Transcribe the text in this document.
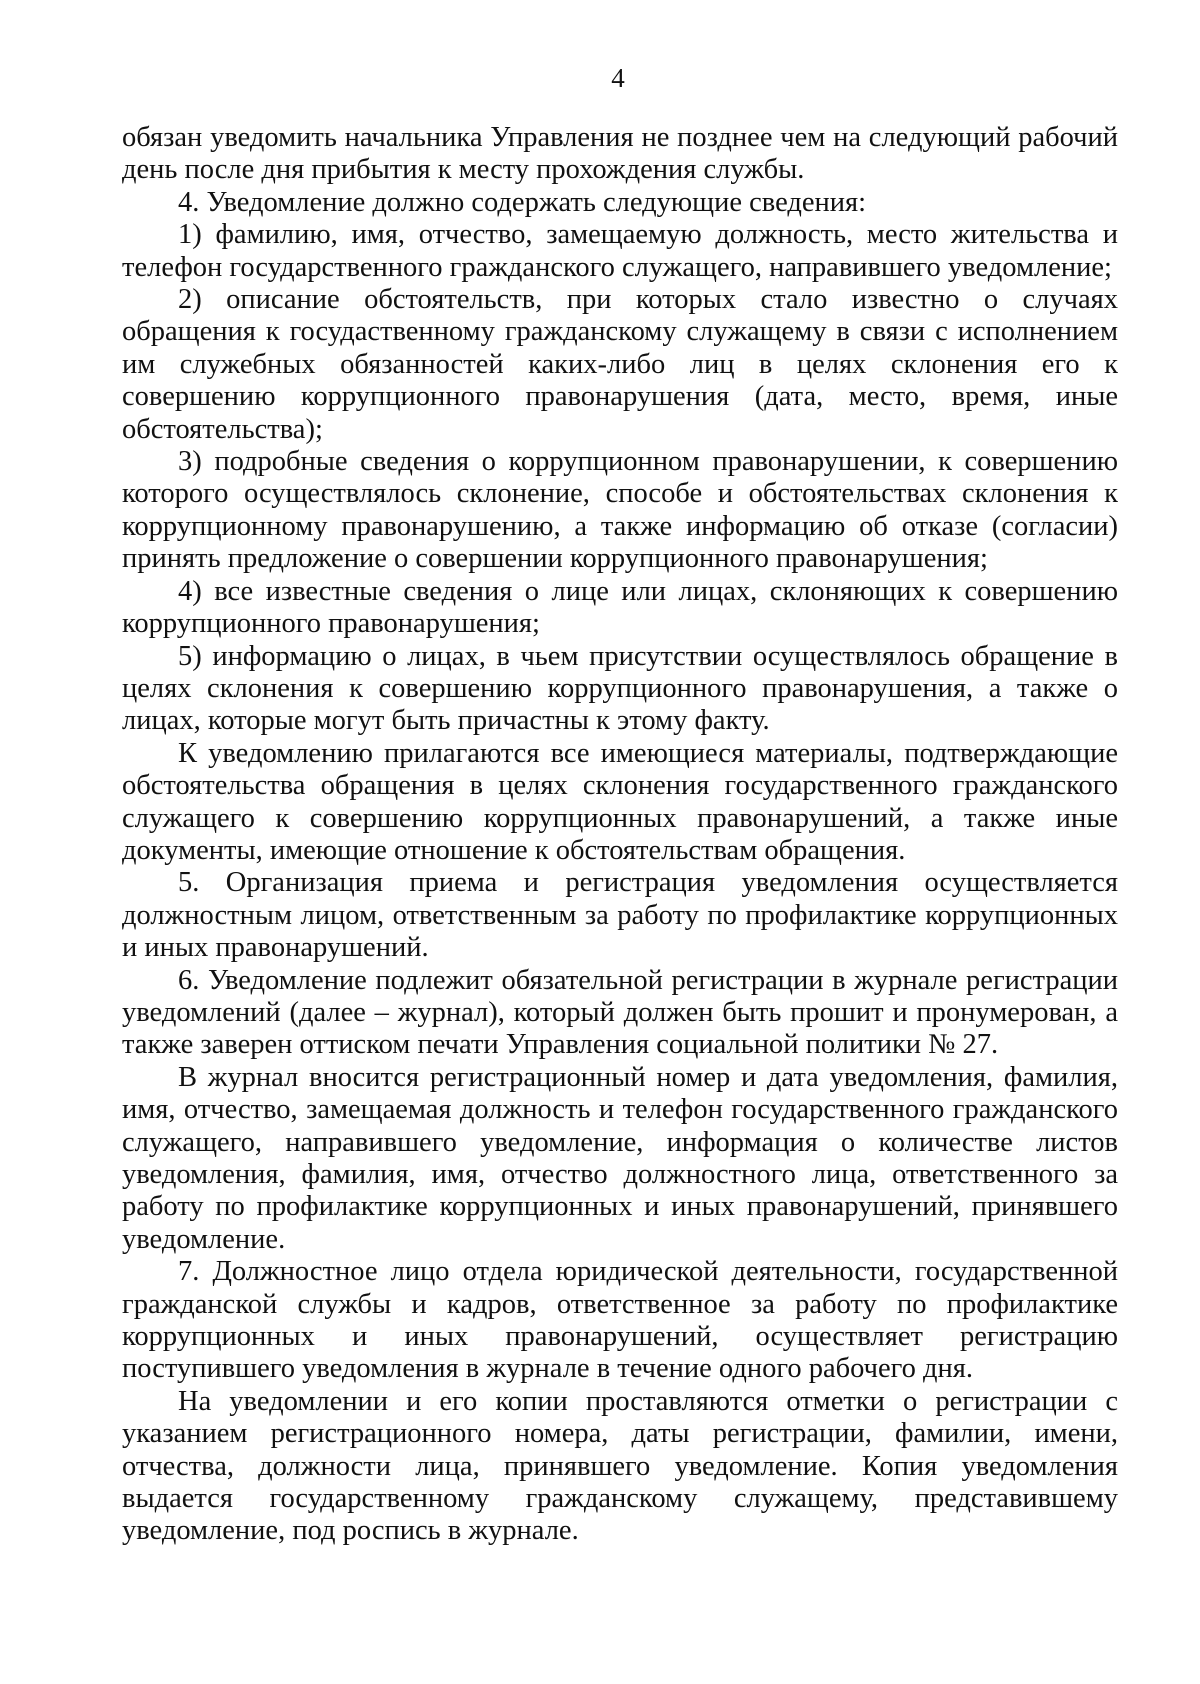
4

обязан уведомить начальника Управления не позднее чем на следующий рабочий день после дня прибытия к месту прохождения службы.

4. Уведомление должно содержать следующие сведения:

1) фамилию, имя, отчество, замещаемую должность, место жительства и телефон государственного гражданского служащего, направившего уведомление;

2) описание обстоятельств, при которых стало известно о случаях обращения к госудаственному гражданскому служащему в связи с исполнением им служебных обязанностей каких-либо лиц в целях склонения его к совершению коррупционного правонарушения (дата, место, время, иные обстоятельства);

3) подробные сведения о коррупционном правонарушении, к совершению которого осуществлялось склонение, способе и обстоятельствах склонения к коррупционному правонарушению, а также информацию об отказе (согласии) принять предложение о совершении коррупционного правонарушения;

4) все известные сведения о лице или лицах, склоняющих к совершению коррупционного правонарушения;

5) информацию о лицах, в чьем присутствии осуществлялось обращение в целях склонения к совершению коррупционного правонарушения, а также о лицах, которые могут быть причастны к этому факту.

К уведомлению прилагаются все имеющиеся материалы, подтверждающие обстоятельства обращения в целях склонения государственного гражданского служащего к совершению коррупционных правонарушений, а также иные документы, имеющие отношение к обстоятельствам обращения.

5. Организация приема и регистрация уведомления осуществляется должностным лицом, ответственным за работу по профилактике коррупционных и иных правонарушений.

6. Уведомление подлежит обязательной регистрации в журнале регистрации уведомлений (далее – журнал), который должен быть прошит и пронумерован, а также заверен оттиском печати Управления социальной политики № 27.

В журнал вносится регистрационный номер и дата уведомления, фамилия, имя, отчество, замещаемая должность и телефон государственного гражданского служащего, направившего уведомление, информация о количестве листов уведомления, фамилия, имя, отчество должностного лица, ответственного за работу по профилактике коррупционных и иных правонарушений, принявшего уведомление.

7. Должностное лицо отдела юридической деятельности, государственной гражданской службы и кадров, ответственное за работу по профилактике коррупционных и иных правонарушений, осуществляет регистрацию поступившего уведомления в журнале в течение одного рабочего дня.

На уведомлении и его копии проставляются отметки о регистрации с указанием регистрационного номера, даты регистрации, фамилии, имени, отчества, должности лица, принявшего уведомление. Копия уведомления выдается государственному гражданскому служащему, представившему уведомление, под роспись в журнале.
